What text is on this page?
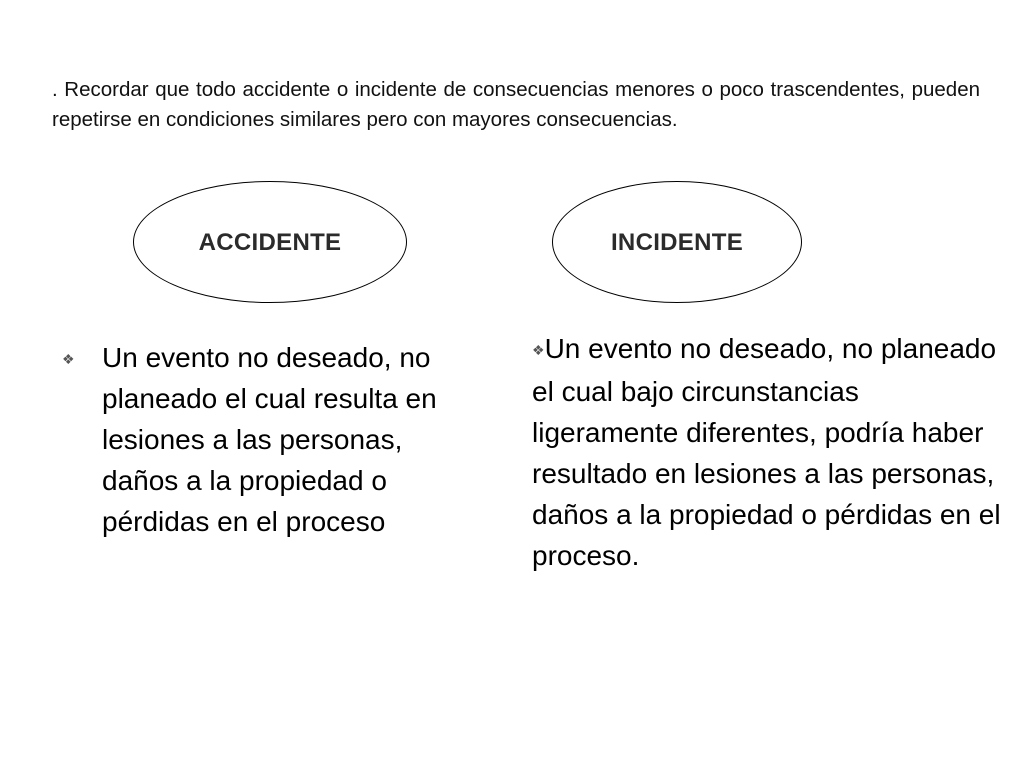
. Recordar que todo accidente o incidente de consecuencias menores o poco trascendentes, pueden repetirse en condiciones similares pero con mayores consecuencias.

ACCIDENTE	INCIDENTE
❖ Un evento no deseado, no planeado el cual resulta en lesiones a las personas, daños a la propiedad o pérdidas en el proceso
❖Un evento no deseado, no planeado el cual bajo circunstancias ligeramente diferentes, podría haber resultado en lesiones a las personas, daños a la propiedad o pérdidas en el proceso.
